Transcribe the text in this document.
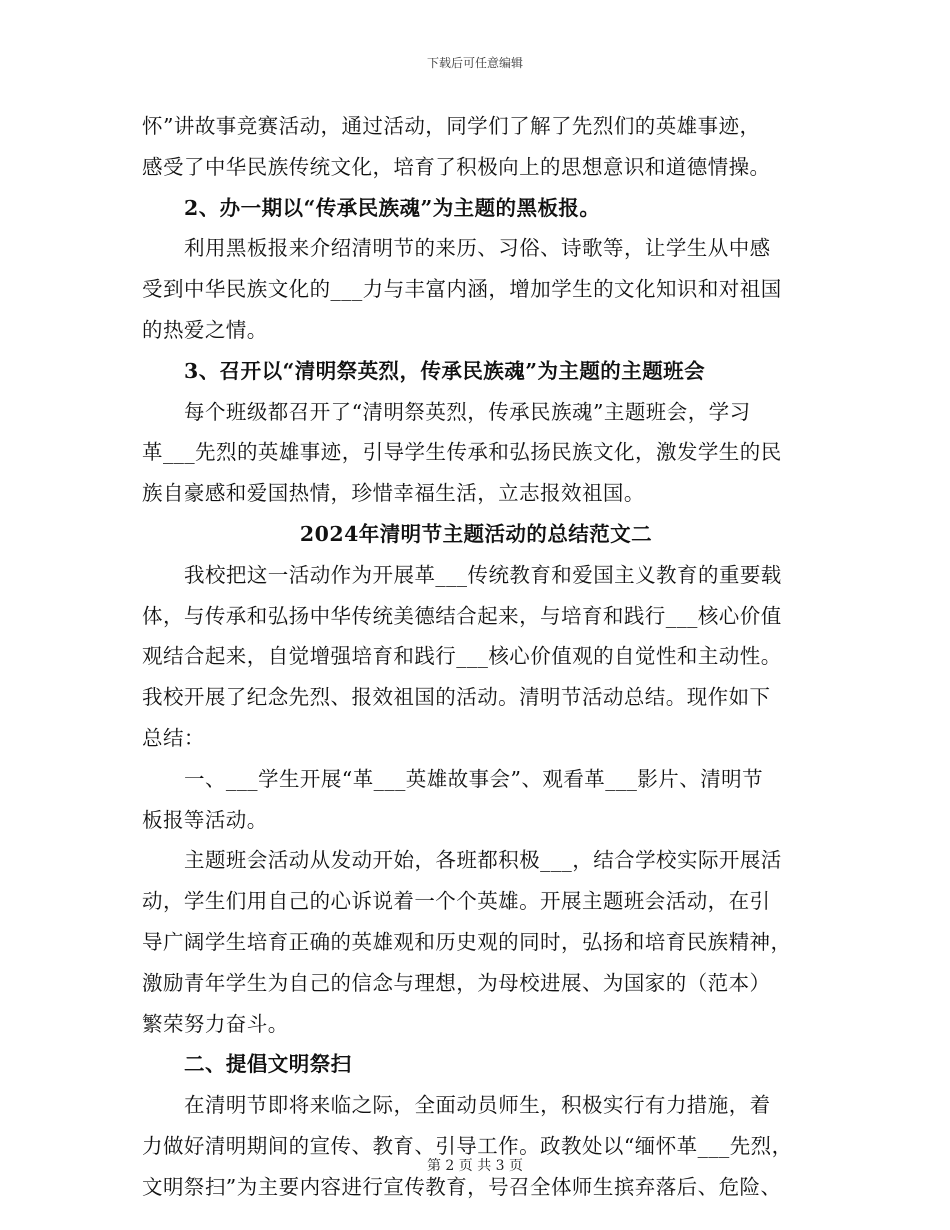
下载后可任意编辑
怀”讲故事竞赛活动，通过活动，同学们了解了先烈们的英雄事迹，
感受了中华民族传统文化，培育了积极向上的思想意识和道德情操。
2、办一期以“传承民族魂”为主题的黑板报。
利用黑板报来介绍清明节的来历、习俗、诗歌等，让学生从中感
受到中华民族文化的___力与丰富内涵，增加学生的文化知识和对祖国
的热爱之情。
3、召开以“清明祭英烈，传承民族魂”为主题的主题班会
每个班级都召开了“清明祭英烈，传承民族魂”主题班会，学习
革___先烈的英雄事迹，引导学生传承和弘扬民族文化，激发学生的民
族自豪感和爱国热情，珍惜幸福生活，立志报效祖国。
2024年清明节主题活动的总结范文二
我校把这一活动作为开展革___传统教育和爱国主义教育的重要载
体，与传承和弘扬中华传统美德结合起来，与培育和践行___核心价值
观结合起来，自觉增强培育和践行___核心价值观的自觉性和主动性。
我校开展了纪念先烈、报效祖国的活动。清明节活动总结。现作如下
总结：
一、___学生开展“革___英雄故事会”、观看革___影片、清明节
板报等活动。
主题班会活动从发动开始，各班都积极___，结合学校实际开展活
动，学生们用自己的心诉说着一个个英雄。开展主题班会活动，在引
导广阔学生培育正确的英雄观和历史观的同时，弘扬和培育民族精神，
激励青年学生为自己的信念与理想，为母校进展、为国家的（范本）
繁荣努力奋斗。
二、提倡文明祭扫
在清明节即将来临之际，全面动员师生，积极实行有力措施，着
力做好清明期间的宣传、教育、引导工作。政教处以“缅怀革___先烈，
文明祭扫”为主要内容进行宣传教育，号召全体师生摈弃落后、危险、
第 2 页 共 3 页
